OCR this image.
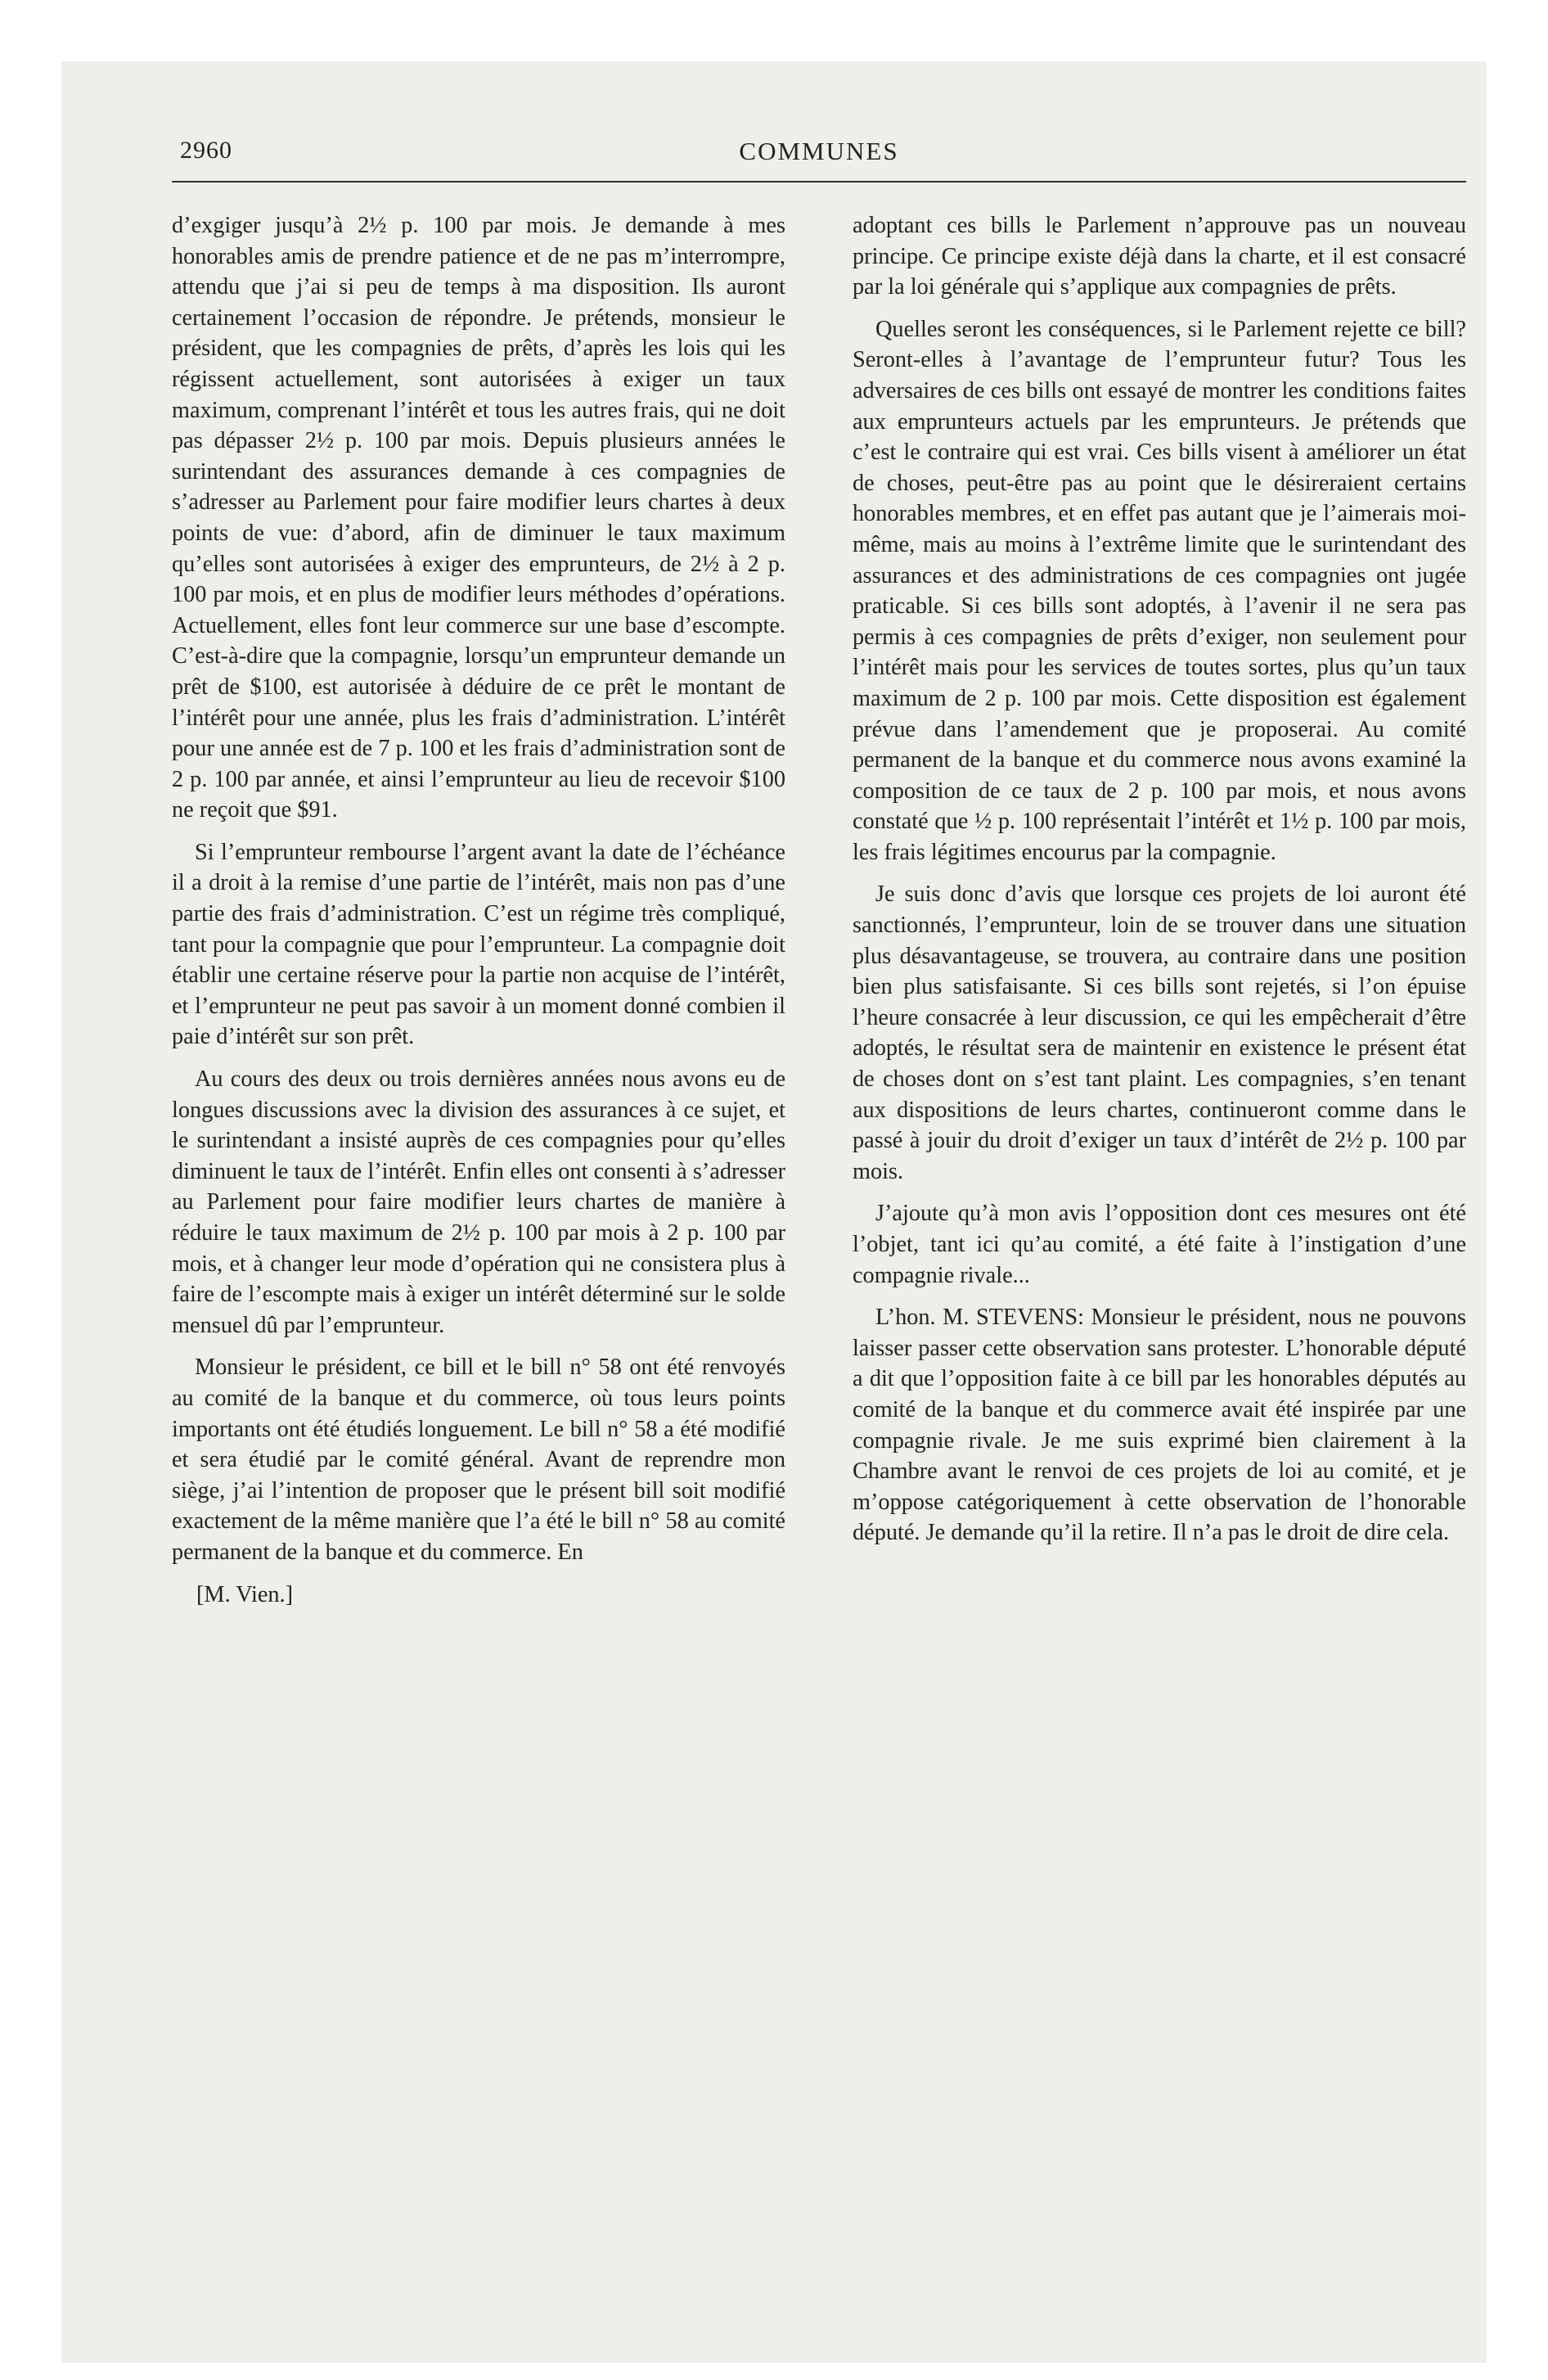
2960	COMMUNES

d’exgiger jusqu’à 2½ p. 100 par mois. Je demande à mes honorables amis de prendre patience et de ne pas m’interrompre, attendu que j’ai si peu de temps à ma disposition. Ils auront certainement l’occasion de répondre. Je prétends, monsieur le président, que les compagnies de prêts, d’après les lois qui les régissent actuellement, sont autorisées à exiger un taux maximum, comprenant l’intérêt et tous les autres frais, qui ne doit pas dépasser 2½ p. 100 par mois. Depuis plusieurs années le surintendant des assurances demande à ces compagnies de s’adresser au Parlement pour faire modifier leurs chartes à deux points de vue: d’abord, afin de diminuer le taux maximum qu’elles sont autorisées à exiger des emprunteurs, de 2½ à 2 p. 100 par mois, et en plus de modifier leurs méthodes d’opérations. Actuellement, elles font leur commerce sur une base d’escompte. C’est-à-dire que la compagnie, lorsqu’un emprunteur demande un prêt de $100, est autorisée à déduire de ce prêt le montant de l’intérêt pour une année, plus les frais d’administration. L’intérêt pour une année est de 7 p. 100 et les frais d’administration sont de 2 p. 100 par année, et ainsi l’emprunteur au lieu de recevoir $100 ne reçoit que $91.

Si l’emprunteur rembourse l’argent avant la date de l’échéance il a droit à la remise d’une partie de l’intérêt, mais non pas d’une partie des frais d’administration. C’est un régime très compliqué, tant pour la compagnie que pour l’emprunteur. La compagnie doit établir une certaine réserve pour la partie non acquise de l’intérêt, et l’emprunteur ne peut pas savoir à un moment donné combien il paie d’intérêt sur son prêt.

Au cours des deux ou trois dernières années nous avons eu de longues discussions avec la division des assurances à ce sujet, et le surintendant a insisté auprès de ces compagnies pour qu’elles diminuent le taux de l’intérêt. Enfin elles ont consenti à s’adresser au Parlement pour faire modifier leurs chartes de manière à réduire le taux maximum de 2½ p. 100 par mois à 2 p. 100 par mois, et à changer leur mode d’opération qui ne consistera plus à faire de l’escompte mais à exiger un intérêt déterminé sur le solde mensuel dû par l’emprunteur.

Monsieur le président, ce bill et le bill n° 58 ont été renvoyés au comité de la banque et du commerce, où tous leurs points importants ont été étudiés longuement. Le bill n° 58 a été modifié et sera étudié par le comité général. Avant de reprendre mon siège, j’ai l’intention de proposer que le présent bill soit modifié exactement de la même manière que l’a été le bill n° 58 au comité permanent de la banque et du commerce. En

[M. Vien.]

adoptant ces bills le Parlement n’approuve pas un nouveau principe. Ce principe existe déjà dans la charte, et il est consacré par la loi générale qui s’applique aux compagnies de prêts.

Quelles seront les conséquences, si le Parlement rejette ce bill? Seront-elles à l’avantage de l’emprunteur futur? Tous les adversaires de ces bills ont essayé de montrer les conditions faites aux emprunteurs actuels par les emprunteurs. Je prétends que c’est le contraire qui est vrai. Ces bills visent à améliorer un état de choses, peut-être pas au point que le désireraient certains honorables membres, et en effet pas autant que je l’aimerais moi-même, mais au moins à l’extrême limite que le surintendant des assurances et des administrations de ces compagnies ont jugée praticable. Si ces bills sont adoptés, à l’avenir il ne sera pas permis à ces compagnies de prêts d’exiger, non seulement pour l’intérêt mais pour les services de toutes sortes, plus qu’un taux maximum de 2 p. 100 par mois. Cette disposition est également prévue dans l’amendement que je proposerai. Au comité permanent de la banque et du commerce nous avons examiné la composition de ce taux de 2 p. 100 par mois, et nous avons constaté que ½ p. 100 représentait l’intérêt et 1½ p. 100 par mois, les frais légitimes encourus par la compagnie.

Je suis donc d’avis que lorsque ces projets de loi auront été sanctionnés, l’emprunteur, loin de se trouver dans une situation plus désavantageuse, se trouvera, au contraire dans une position bien plus satisfaisante. Si ces bills sont rejetés, si l’on épuise l’heure consacrée à leur discussion, ce qui les empêcherait d’être adoptés, le résultat sera de maintenir en existence le présent état de choses dont on s’est tant plaint. Les compagnies, s’en tenant aux dispositions de leurs chartes, continueront comme dans le passé à jouir du droit d’exiger un taux d’intérêt de 2½ p. 100 par mois.

J’ajoute qu’à mon avis l’opposition dont ces mesures ont été l’objet, tant ici qu’au comité, a été faite à l’instigation d’une compagnie rivale...

L’hon. M. STEVENS: Monsieur le président, nous ne pouvons laisser passer cette observation sans protester. L’honorable député a dit que l’opposition faite à ce bill par les honorables députés au comité de la banque et du commerce avait été inspirée par une compagnie rivale. Je me suis exprimé bien clairement à la Chambre avant le renvoi de ces projets de loi au comité, et je m’oppose catégoriquement à cette observation de l’honorable député. Je demande qu’il la retire. Il n’a pas le droit de dire cela.
